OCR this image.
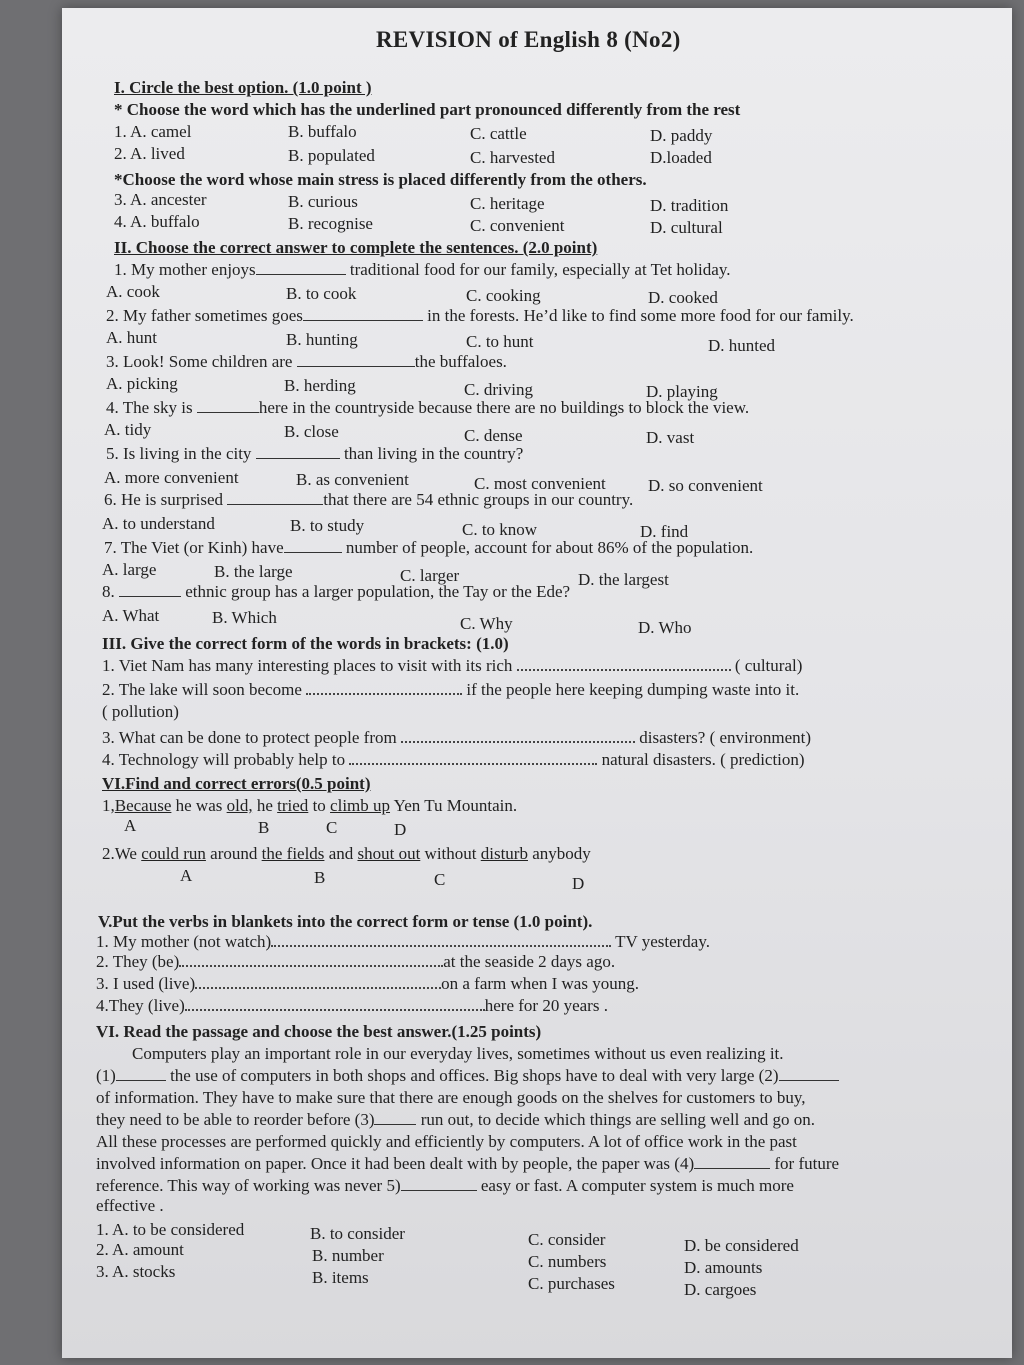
REVISION of English 8 (No2)
I. Circle the best option. (1.0 point )
* Choose the word which has the underlined part pronounced differently from the rest
1. A. camel	B. buffalo	C. cattle	D. paddy
2. A. lived	B. populated	C. harvested	D.loaded
*Choose the word whose main stress is placed differently from the others.
3. A. ancester	B. curious	C. heritage	D. tradition
4. A. buffalo	B. recognise	C. convenient	D. cultural
II. Choose the correct answer to complete the sentences. (2.0 point)
1. My mother enjoys	traditional food for our family, especially at Tet holiday.
A. cook	B. to cook	C. cooking	D. cooked
2. My father sometimes goes	in the forests. He’d like to find some more food for our family.
A. hunt	B. hunting	C. to hunt	D. hunted
3. Look! Some children are	the buffaloes.
A. picking	B. herding	C. driving	D. playing
4. The sky is	here in the countryside because there are no buildings to block the view.
A. tidy	B. close	C. dense	D. vast
5. Is living in the city	than living in the country?
A. more convenient	B. as convenient	C. most convenient D. so convenient
6. He is surprised	that there are 54 ethnic groups in our country.
A. to understand	B. to study	C. to know	D. find
7. The Viet (or Kinh) have	number of people, account for about 86% of the population.
A. large	B. the large	C. larger	D. the largest
8.	ethnic group has a larger population, the Tay or the Ede?
A. What	B. Which	C. Why	D. Who
III. Give the correct form of the words in brackets: (1.0)
1. Viet Nam has many interesting places to visit with its rich	( cultural)
2. The lake will soon become	if the people here keeping dumping waste into it.
( pollution)
3. What can be done to protect people from	disasters? ( environment)
4. Technology will probably help to	natural disasters. ( prediction)
VI.Find and correct errors(0.5 point)
1,Because he was old, he tried to climb up Yen Tu Mountain.
A	B	C	D
2.We could run around the fields and shout out without disturb anybody
A	B	C	D
V.Put the verbs in blankets into the correct form or tense (1.0 point).
1. My mother (not watch)	TV yesterday.
2. They (be)	at the seaside 2 days ago.
3. I used (live)	on a farm when I was young.
4.They (live)	here for 20 years .
VI. Read the passage and choose the best answer.(1.25 points)
Computers play an important role in our everyday lives, sometimes without us even realizing it.
(1)	the use of computers in both shops and offices. Big shops have to deal with very large (2)
of information. They have to make sure that there are enough goods on the shelves for customers to buy,
they need to be able to reorder before (3)	run out, to decide which things are selling well and go on.
All these processes are performed quickly and efficiently by computers. A lot of office work in the past
involved information on paper. Once it had been dealt with by people, the paper was (4)	for future
reference. This way of working was never 5)	easy or fast. A computer system is much more
effective .
1. A. to be considered	B. to consider	C. consider	D. be considered
2. A. amount	B. number	C. numbers	D. amounts
3. A. stocks	B. items	C. purchases	D. cargoes
